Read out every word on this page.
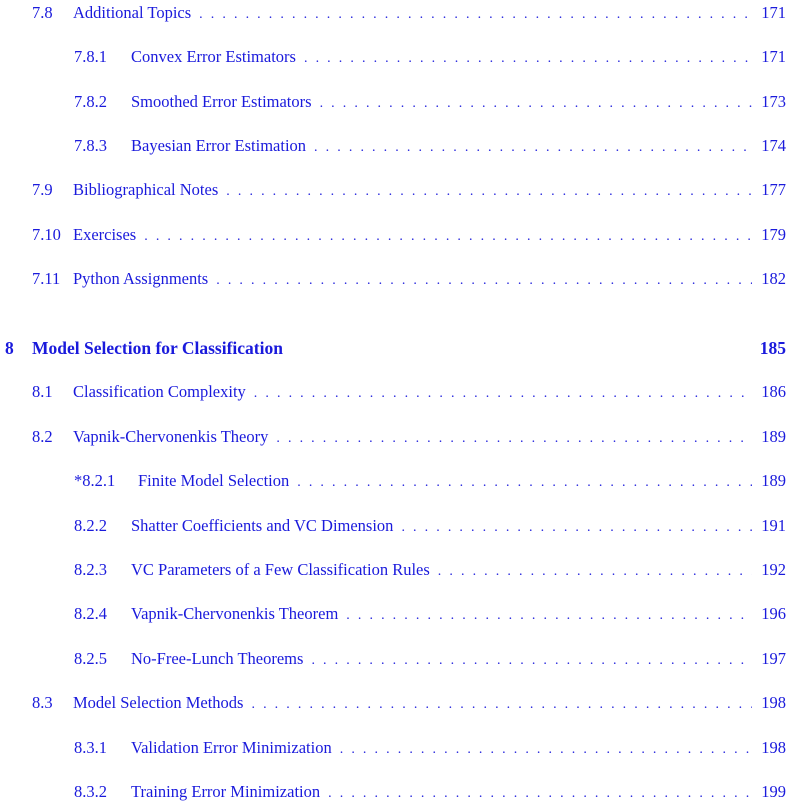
7.8	Additional Topics . . .	171
7.8.1	Convex Error Estimators . . .	171
7.8.2	Smoothed Error Estimators . . .	173
7.8.3	Bayesian Error Estimation . . .	174
7.9	Bibliographical Notes . . .	177
7.10 Exercises . . .	179
7.11 Python Assignments . . .	182
8	Model Selection for Classification	185
8.1	Classification Complexity . . .	186
8.2	Vapnik-Chervonenkis Theory . . .	189
*8.2.1	Finite Model Selection . . .	189
8.2.2	Shatter Coefficients and VC Dimension . . .	191
8.2.3	VC Parameters of a Few Classification Rules . . .	192
8.2.4	Vapnik-Chervonenkis Theorem . . .	196
8.2.5	No-Free-Lunch Theorems . . .	197
8.3	Model Selection Methods . . .	198
8.3.1	Validation Error Minimization . . .	198
8.3.2	Training Error Minimization . . .	199
